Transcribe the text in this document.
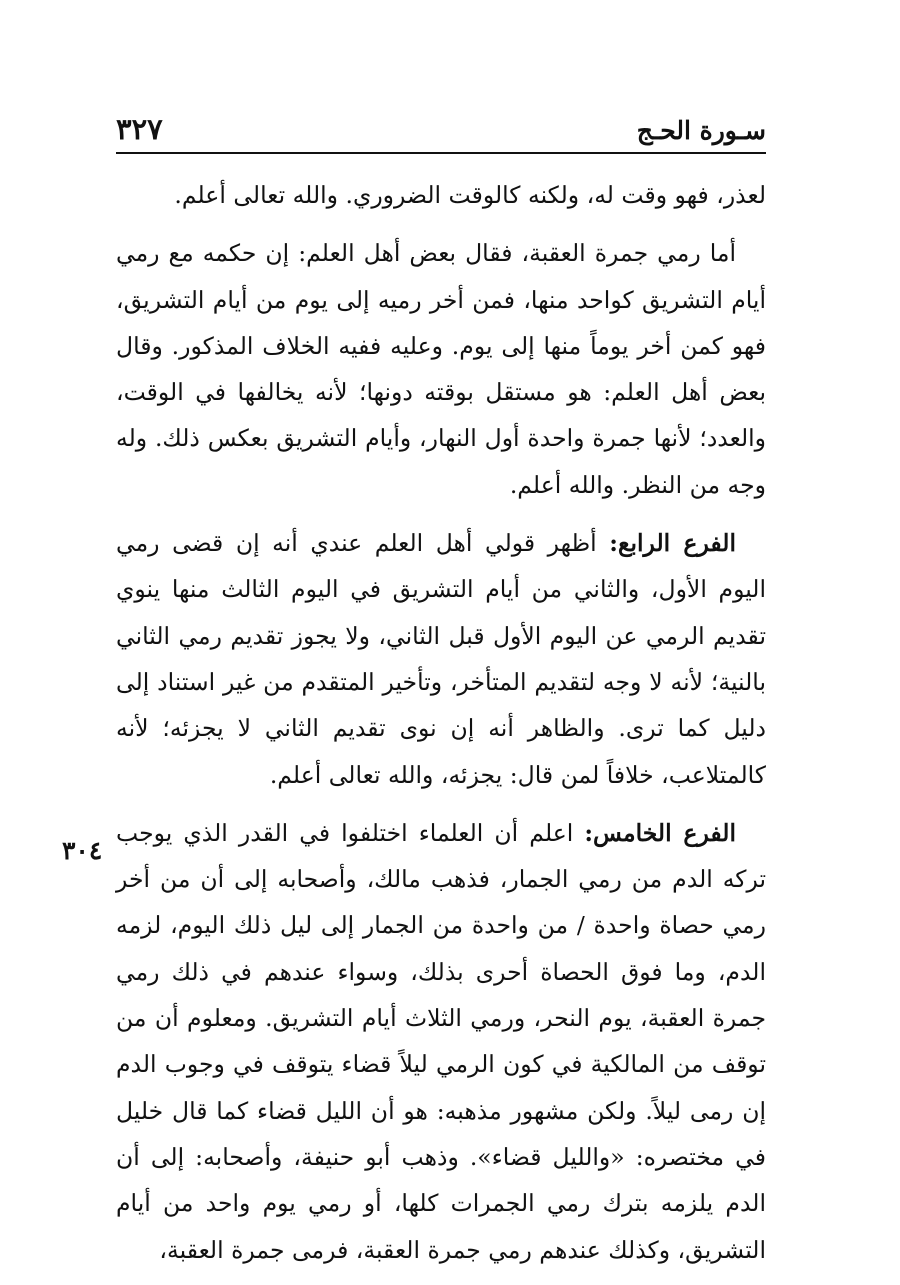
سـورة الحـج
٣٢٧
٣٠٤

لعذر، فهو وقت له، ولكنه كالوقت الضروري. والله تعالى أعلم.

أما رمي جمرة العقبة، فقال بعض أهل العلم: إن حكمه مع رمي أيام التشريق كواحد منها، فمن أخر رميه إلى يوم من أيام التشريق، فهو كمن أخر يوماً منها إلى يوم. وعليه ففيه الخلاف المذكور. وقال بعض أهل العلم: هو مستقل بوقته دونها؛ لأنه يخالفها في الوقت، والعدد؛ لأنها جمرة واحدة أول النهار، وأيام التشريق بعكس ذلك. وله وجه من النظر. والله أعلم.

الفرع الرابع: أظهر قولي أهل العلم عندي أنه إن قضى رمي اليوم الأول، والثاني من أيام التشريق في اليوم الثالث منها ينوي تقديم الرمي عن اليوم الأول قبل الثاني، ولا يجوز تقديم رمي الثاني بالنية؛ لأنه لا وجه لتقديم المتأخر، وتأخير المتقدم من غير استناد إلى دليل كما ترى. والظاهر أنه إن نوى تقديم الثاني لا يجزئه؛ لأنه كالمتلاعب، خلافاً لمن قال: يجزئه، والله تعالى أعلم.

الفرع الخامس: اعلم أن العلماء اختلفوا في القدر الذي يوجب تركه الدم من رمي الجمار، فذهب مالك، وأصحابه إلى أن من أخر رمي حصاة واحدة / من واحدة من الجمار إلى ليل ذلك اليوم، لزمه الدم، وما فوق الحصاة أحرى بذلك، وسواء عندهم في ذلك رمي جمرة العقبة، يوم النحر، ورمي الثلاث أيام التشريق. ومعلوم أن من توقف من المالكية في كون الرمي ليلاً قضاء يتوقف في وجوب الدم إن رمى ليلاً. ولكن مشهور مذهبه: هو أن الليل قضاء كما قال خليل في مختصره: «والليل قضاء». وذهب أبو حنيفة، وأصحابه: إلى أن الدم يلزمه بترك رمي الجمرات كلها، أو رمي يوم واحد من أيام التشريق، وكذلك عندهم رمي جمرة العقبة، فرمى جمرة العقبة،
